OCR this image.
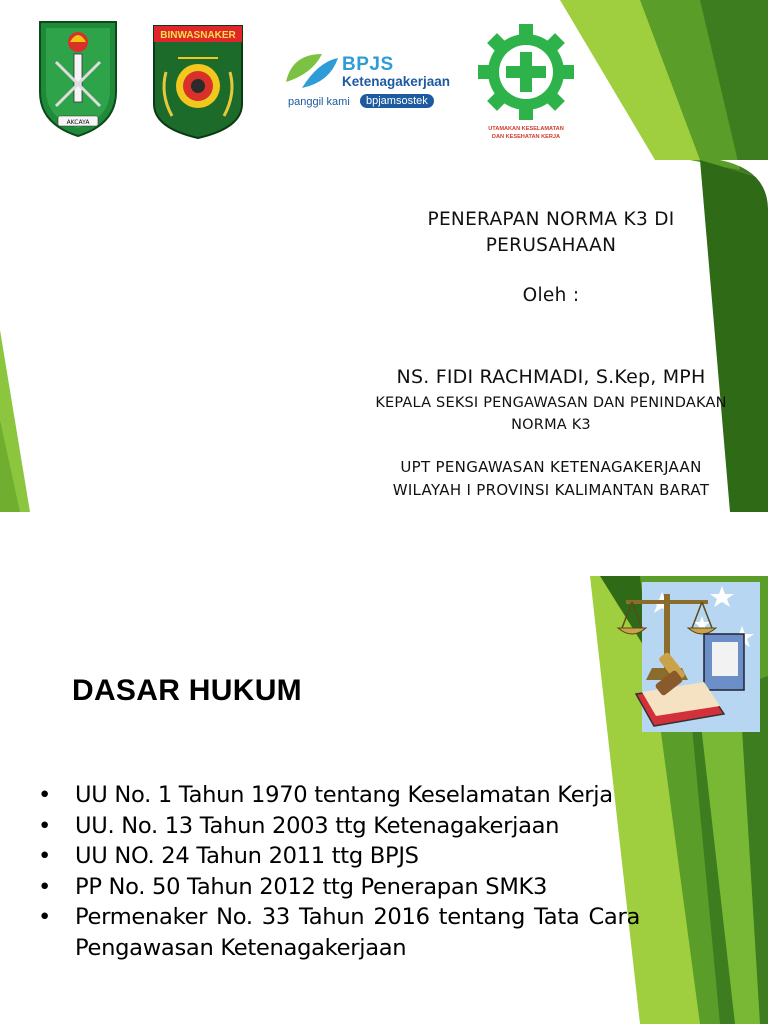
AKCAYA
BINWASNAKER
BPJS
Ketenagakerjaan
panggil kami	bpjamsostek
UTAMAKAN KESELAMATAN
DAN KESEHATAN KERJA
PENERAPAN NORMA K3 DI PERUSAHAAN
Oleh :
NS. FIDI RACHMADI, S.Kep, MPH
KEPALA SEKSI PENGAWASAN DAN PENINDAKAN NORMA K3
UPT PENGAWASAN KETENAGAKERJAAN
WILAYAH I PROVINSI KALIMANTAN BARAT
DASAR HUKUM
• UU No. 1 Tahun 1970 tentang Keselamatan Kerja
• UU. No. 13 Tahun 2003 ttg Ketenagakerjaan
• UU NO. 24 Tahun 2011 ttg BPJS
• PP No. 50 Tahun 2012 ttg Penerapan SMK3
• Permenaker No. 33 Tahun 2016 tentang Tata Cara Pengawasan Ketenagakerjaan
